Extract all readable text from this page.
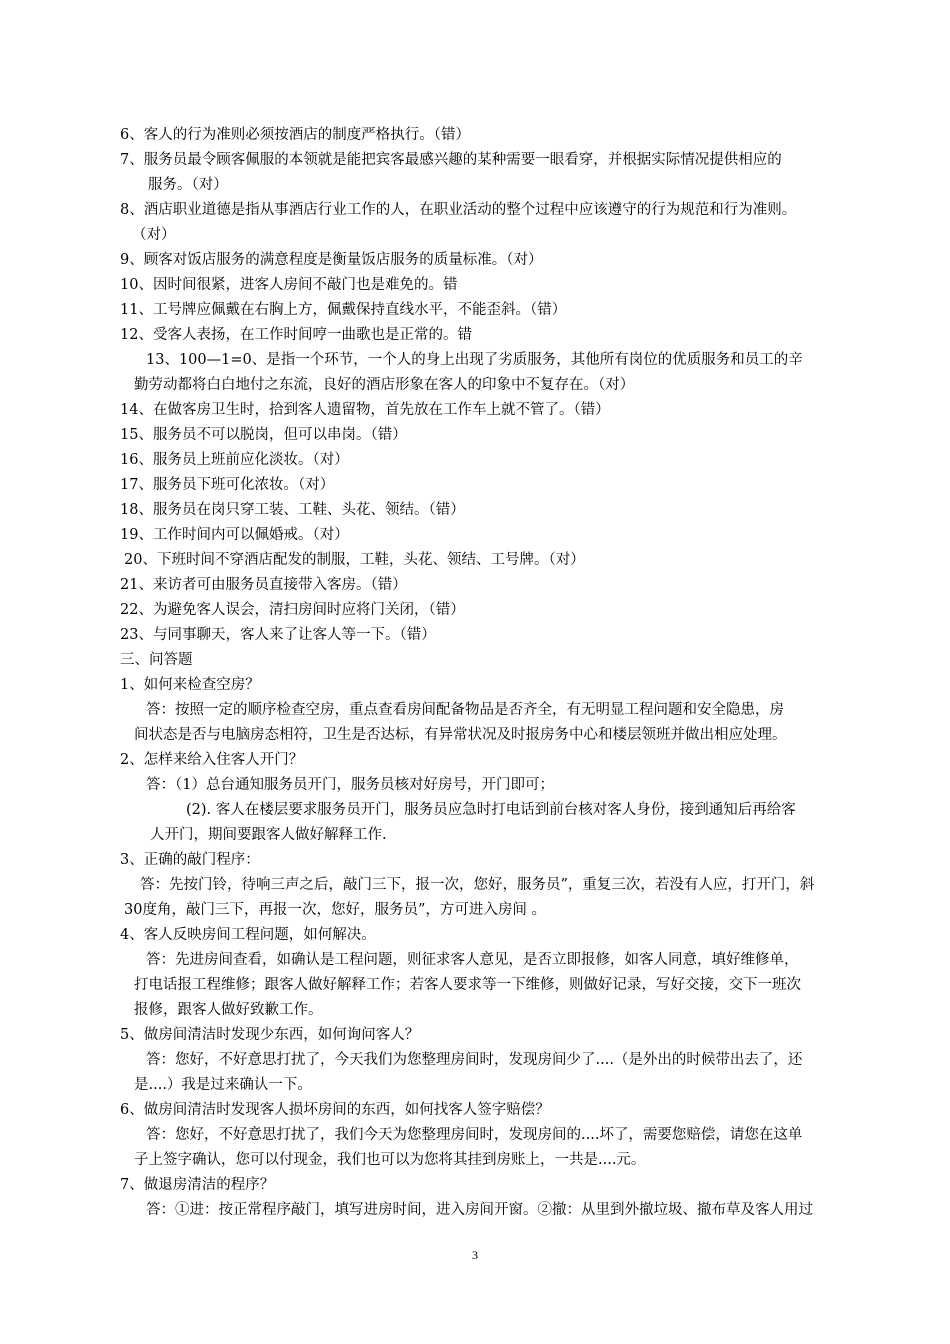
6、客人的行为准则必须按酒店的制度严格执行。（错）
7、服务员最令顾客佩服的本领就是能把宾客最感兴趣的某种需要一眼看穿，并根据实际情况提供相应的
服务。（对）
8、酒店职业道德是指从事酒店行业工作的人，在职业活动的整个过程中应该遵守的行为规范和行为准则。
（对）
9、顾客对饭店服务的满意程度是衡量饭店服务的质量标准。（对）
10、因时间很紧，进客人房间不敲门也是难免的。错
11、工号牌应佩戴在右胸上方，佩戴保持直线水平，不能歪斜。（错）
12、受客人表扬，在工作时间哼一曲歌也是正常的。错
13、100—1=0、是指一个环节，一个人的身上出现了劣质服务，其他所有岗位的优质服务和员工的辛
勤劳动都将白白地付之东流，良好的酒店形象在客人的印象中不复存在。（对）
14、在做客房卫生时，拾到客人遗留物，首先放在工作车上就不管了。（错）
15、服务员不可以脱岗，但可以串岗。（错）
16、服务员上班前应化淡妆。（对）
17、服务员下班可化浓妆。（对）
18、服务员在岗只穿工装、工鞋、头花、领结。（错）
19、工作时间内可以佩婚戒。（对）
20、下班时间不穿酒店配发的制服，工鞋，头花、领结、工号牌。（对）
21、来访者可由服务员直接带入客房。（错）
22、为避免客人误会，清扫房间时应将门关闭，（错）
23、与同事聊天，客人来了让客人等一下。（错）
三、问答题
1、如何来检查空房？
答：按照一定的顺序检查空房，重点查看房间配备物品是否齐全，有无明显工程问题和安全隐患，房
间状态是否与电脑房态相符，卫生是否达标，有异常状况及时报房务中心和楼层领班并做出相应处理。
2、怎样来给入住客人开门？
答：（1）总台通知服务员开门，服务员核对好房号，开门即可；
(2). 客人在楼层要求服务员开门，服务员应急时打电话到前台核对客人身份，接到通知后再给客
人开门，期间要跟客人做好解释工作.
3、正确的敲门程序：
答：先按门铃，待响三声之后，敲门三下，报一次，您好，服务员”，重复三次，若没有人应，打开门，斜
30度角，敲门三下，再报一次，您好，服务员”，方可进入房间 。
4、客人反映房间工程问题，如何解决。
答：先进房间查看，如确认是工程问题，则征求客人意见，是否立即报修，如客人同意，填好维修单，
打电话报工程维修；跟客人做好解释工作；若客人要求等一下维修，则做好记录，写好交接，交下一班次
报修，跟客人做好致歉工作。
5、做房间清洁时发现少东西，如何询问客人？
答：您好，不好意思打扰了，今天我们为您整理房间时，发现房间少了....（是外出的时候带出去了，还
是....）我是过来确认一下。
6、做房间清洁时发现客人损坏房间的东西，如何找客人签字赔偿？
答：您好，不好意思打扰了，我们今天为您整理房间时，发现房间的....坏了，需要您赔偿，请您在这单
子上签字确认，您可以付现金，我们也可以为您将其挂到房账上，一共是....元。
7、做退房清洁的程序？
答：①进：按正常程序敲门，填写进房时间，进入房间开窗。②撤：从里到外撤垃圾、撤布草及客人用过
3
